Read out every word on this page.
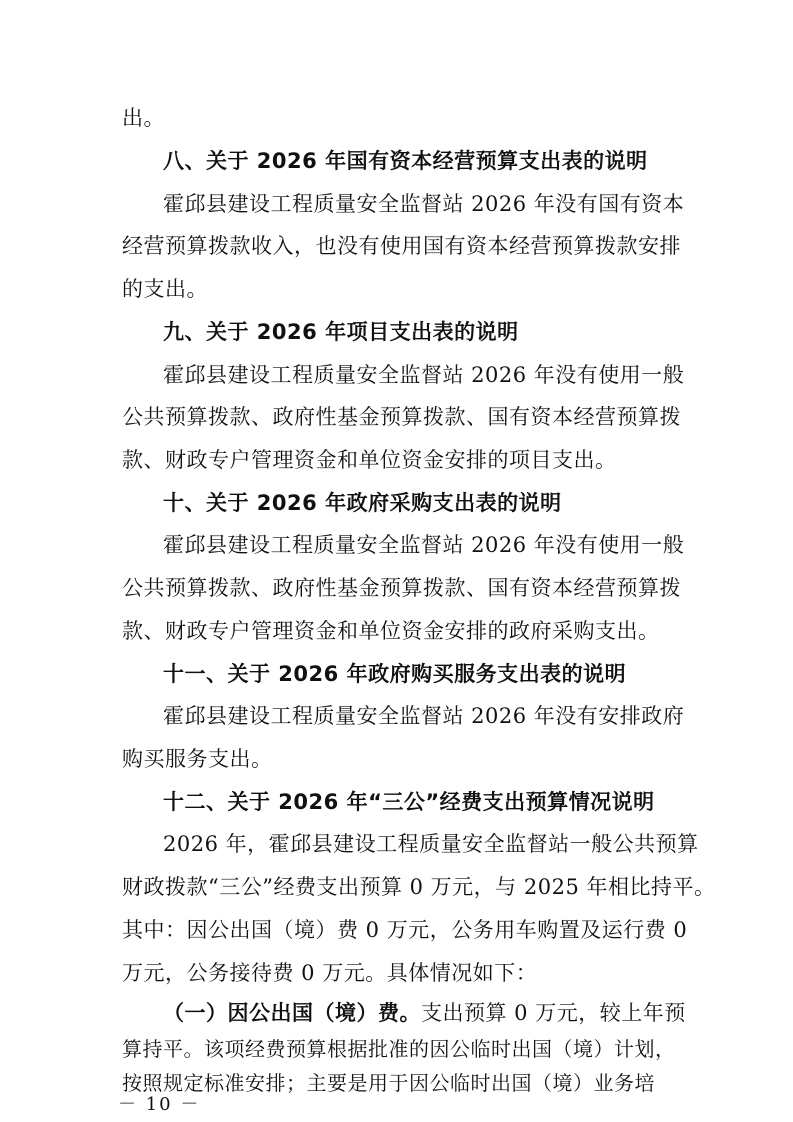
出。
八、关于 2026 年国有资本经营预算支出表的说明
霍邱县建设工程质量安全监督站 2026 年没有国有资本
经营预算拨款收入，也没有使用国有资本经营预算拨款安排
的支出。
九、关于 2026 年项目支出表的说明
霍邱县建设工程质量安全监督站 2026 年没有使用一般
公共预算拨款、政府性基金预算拨款、国有资本经营预算拨
款、财政专户管理资金和单位资金安排的项目支出。
十、关于 2026 年政府采购支出表的说明
霍邱县建设工程质量安全监督站 2026 年没有使用一般
公共预算拨款、政府性基金预算拨款、国有资本经营预算拨
款、财政专户管理资金和单位资金安排的政府采购支出。
十一、关于 2026 年政府购买服务支出表的说明
霍邱县建设工程质量安全监督站 2026 年没有安排政府
购买服务支出。
十二、关于 2026 年“三公”经费支出预算情况说明
2026 年，霍邱县建设工程质量安全监督站一般公共预算
财政拨款“三公”经费支出预算 0 万元，与 2025 年相比持平。
其中：因公出国（境）费 0 万元，公务用车购置及运行费 0
万元，公务接待费 0 万元。具体情况如下：
（一）因公出国（境）费。支出预算 0 万元，较上年预
算持平。该项经费预算根据批准的因公临时出国（境）计划，
按照规定标准安排；主要是用于因公临时出国（境）业务培
－ 10 －
